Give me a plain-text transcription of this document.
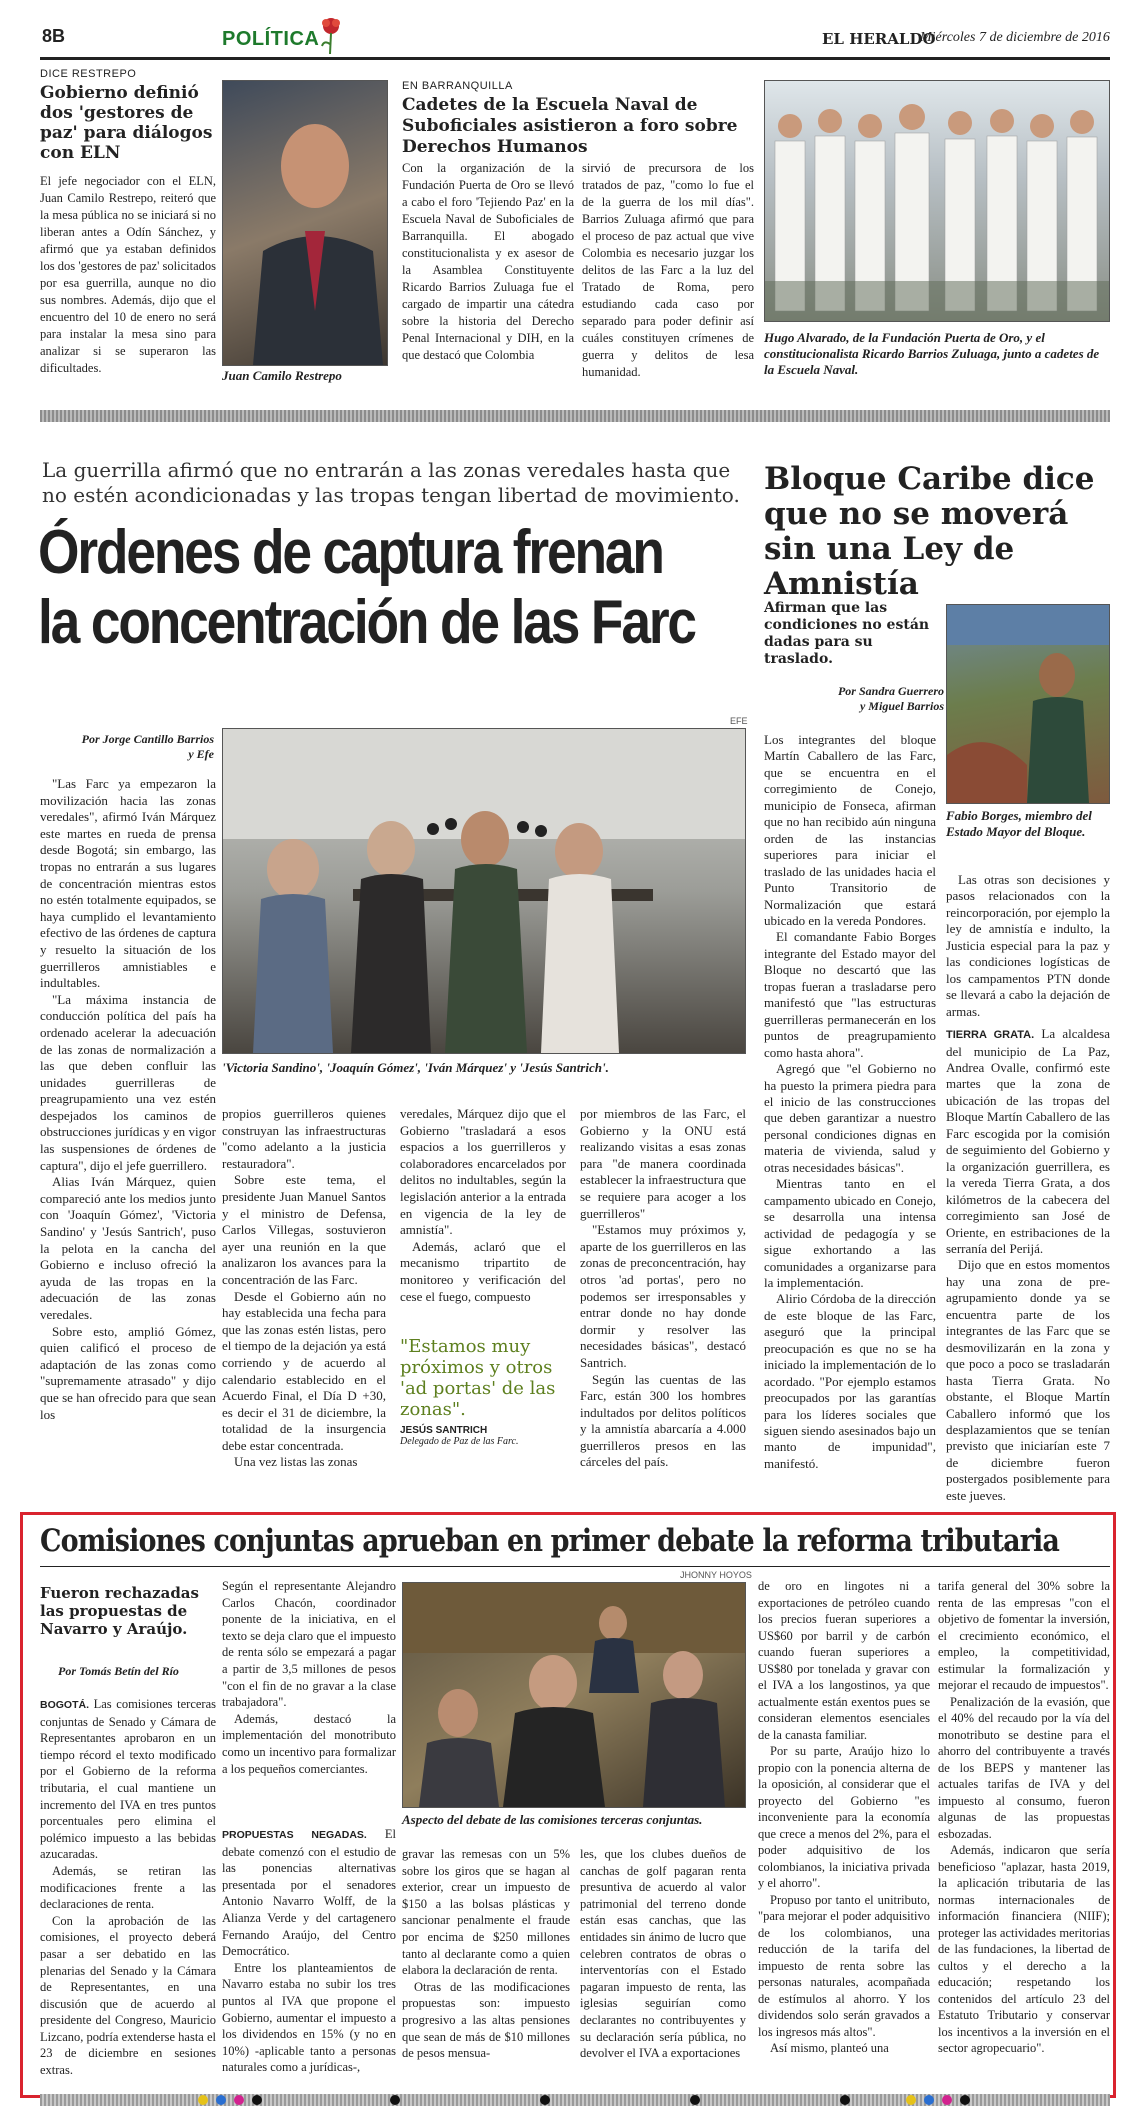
8B	POLÍTICA	EL HERALDO
Miércoles 7 de diciembre de 2016
DICE RESTREPO
Gobierno definió dos 'gestores de paz' para diálogos con ELN
El jefe negociador con el ELN, Juan Camilo Restrepo, reiteró que la mesa pública no se iniciará si no liberan antes a Odín Sánchez, y afirmó que ya estaban definidos los dos 'gestores de paz' solicitados por esa guerrilla, aunque no dio sus nombres. Además, dijo que el encuentro del 10 de enero no será para instalar la mesa sino para analizar si se superaron las dificultades.	Juan Camilo Restrepo
EN BARRANQUILLA
Cadetes de la Escuela Naval de Suboficiales asistieron a foro sobre Derechos Humanos
Con la organización de la Fundación Puerta de Oro se llevó a cabo el foro 'Tejiendo Paz' en la Escuela Naval de Suboficiales de Barranquilla. El abogado constitucionalista y ex asesor de la Asamblea Constituyente Ricardo Barrios Zuluaga fue el cargado de impartir una cátedra sobre la historia del Derecho Penal Internacional y DIH, en la que destacó que Colombia
sirvió de precursora de los tratados de paz, "como lo fue el de la guerra de los mil días". Barrios Zuluaga afirmó que para el proceso de paz actual que vive Colombia es necesario juzgar los delitos de las Farc a la luz del Tratado de Roma, pero estudiando cada caso por separado para poder definir así cuáles constituyen crímenes de guerra y delitos de lesa humanidad.
Hugo Alvarado, de la Fundación Puerta de Oro, y el constitucionalista Ricardo Barrios Zuluaga, junto a cadetes de la Escuela Naval.
La guerrilla afirmó que no entrarán a las zonas veredales hasta que no estén acondicionadas y las tropas tengan libertad de movimiento.
Órdenes de captura frenan
la concentración de las Farc
Por Jorge Cantillo Barrios
y Efe

"Las Farc ya empezaron la movilización hacia las zonas veredales", afirmó Iván Márquez este martes en rueda de prensa desde Bogotá; sin embargo, las tropas no entrarán a sus lugares de concentración mientras estos no estén totalmente equipados, se haya cumplido el levantamiento efectivo de las órdenes de captura y resuelto la situación de los guerrilleros amnistiables e indultables.

"La máxima instancia de conducción política del país ha ordenado acelerar la adecuación de las zonas de normalización a las que deben confluir las unidades guerrilleras de preagrupamiento una vez estén despejados los caminos de obstrucciones jurídicas y en vigor las suspensiones de órdenes de captura", dijo el jefe guerrillero.

Alias Iván Márquez, quien compareció ante los medios junto con 'Joaquín Gómez', 'Victoria Sandino' y 'Jesús Santrich', puso la pelota en la cancha del Gobierno e incluso ofreció la ayuda de las tropas en la adecuación de las zonas veredales.

Sobre esto, amplió Gómez, quien calificó el proceso de adaptación de las zonas como "supremamente atrasado" y dijo que se han ofrecido para que sean los

EFE
'Victoria Sandino', 'Joaquín Gómez', 'Iván Márquez' y 'Jesús Santrich'.

propios guerrilleros quienes construyan las infraestructuras "como adelanto a la justicia restauradora".

Sobre este tema, el presidente Juan Manuel Santos y el ministro de Defensa, Carlos Villegas, sostuvieron ayer una reunión en la que analizaron los avances para la concentración de las Farc.

Desde el Gobierno aún no hay establecida una fecha para que las zonas estén listas, pero el tiempo de la dejación ya está corriendo y de acuerdo al calendario establecido en el Acuerdo Final, el Día D +30, es decir el 31 de diciembre, la totalidad de la insurgencia debe estar concentrada.

Una vez listas las zonas

veredales, Márquez dijo que el Gobierno "trasladará a esos espacios a los guerrilleros y colaboradores encarcelados por delitos no indultables, según la legislación anterior a la entrada en vigencia de la ley de amnistía".

Además, aclaró que el mecanismo tripartito de monitoreo y verificación del cese el fuego, compuesto

"Estamos muy próximos y otros 'ad portas' de las zonas".
JESÚS SANTRICH
Delegado de Paz de las Farc.

por miembros de las Farc, el Gobierno y la ONU está realizando visitas a esas zonas para "de manera coordinada establecer la infraestructura que se requiere para acoger a los guerrilleros"

"Estamos muy próximos y, aparte de los guerrilleros en las zonas de preconcentración, hay otros 'ad portas', pero no podemos ser irresponsables y entrar donde no hay donde dormir y resolver las necesidades básicas", destacó Santrich.

Según las cuentas de las Farc, están 300 los hombres indultados por delitos políticos y la amnistía abarcaría a 4.000 guerrilleros presos en las cárceles del país.

Bloque Caribe dice que no se moverá sin una Ley de Amnistía
Afirman que las condiciones no están dadas para su traslado.
Por Sandra Guerrero
y Miguel Barrios
Fabio Borges, miembro del Estado Mayor del Bloque.

Los integrantes del bloque Martín Caballero de las Farc, que se encuentra en el corregimiento de Conejo, municipio de Fonseca, afirman que no han recibido aún ninguna orden de las instancias superiores para iniciar el traslado de las unidades hacia el Punto Transitorio de Normalización que estará ubicado en la vereda Pondores.

El comandante Fabio Borges integrante del Estado mayor del Bloque no descartó que las tropas fueran a trasladarse pero manifestó que "las estructuras guerrilleras permanecerán en los puntos de preagrupamiento como hasta ahora".

Agregó que "el Gobierno no ha puesto la primera piedra para el inicio de las construcciones que deben garantizar a nuestro personal condiciones dignas en materia de vivienda, salud y otras necesidades básicas".

Mientras tanto en el campamento ubicado en Conejo, se desarrolla una intensa actividad de pedagogía y se sigue exhortando a las comunidades a organizarse para la implementación.

Alirio Córdoba de la dirección de este bloque de las Farc, aseguró que la principal preocupación es que no se ha iniciado la implementación de lo acordado. "Por ejemplo estamos preocupados por las garantías para los líderes sociales que siguen siendo asesinados bajo un manto de impunidad", manifestó.

Las otras son decisiones y pasos relacionados con la reincorporación, por ejemplo la ley de amnistía e indulto, la Justicia especial para la paz y las condiciones logísticas de los campamentos PTN donde se llevará a cabo la dejación de armas.

TIERRA GRATA. La alcaldesa del municipio de La Paz, Andrea Ovalle, confirmó este martes que la zona de ubicación de las tropas del Bloque Martín Caballero de las Farc escogida por la comisión de seguimiento del Gobierno y la organización guerrillera, es la vereda Tierra Grata, a dos kilómetros de la cabecera del corregimiento san José de Oriente, en estribaciones de la serranía del Perijá.

Dijo que en estos momentos hay una zona de pre-agrupamiento donde ya se encuentra parte de los integrantes de las Farc que se desmovilizarán en la zona y que poco a poco se trasladarán hasta Tierra Grata. No obstante, el Bloque Martín Caballero informó que los desplazamientos que se tenían previsto que iniciarían este 7 de diciembre fueron postergados posiblemente para este jueves.

Comisiones conjuntas aprueban en primer debate la reforma tributaria
Fueron rechazadas las propuestas de Navarro y Araújo.
Por Tomás Betín del Río

BOGOTÁ. Las comisiones terceras conjuntas de Senado y Cámara de Representantes aprobaron en un tiempo récord el texto modificado por el Gobierno de la reforma tributaria, el cual mantiene un incremento del IVA en tres puntos porcentuales pero elimina el polémico impuesto a las bebidas azucaradas.

Además, se retiran las modificaciones frente a las declaraciones de renta.

Con la aprobación de las comisiones, el proyecto deberá pasar a ser debatido en las plenarias del Senado y la Cámara de Representantes, en una discusión que de acuerdo al presidente del Congreso, Mauricio Lizcano, podría extenderse hasta el 23 de diciembre en sesiones extras.

Según el representante Alejandro Carlos Chacón, coordinador ponente de la iniciativa, en el texto se deja claro que el impuesto de renta sólo se empezará a pagar a partir de 3,5 millones de pesos "con el fin de no gravar a la clase trabajadora".

Además, destacó la implementación del monotributo como un incentivo para formalizar a los pequeños comerciantes.

JHONNY HOYOS
Aspecto del debate de las comisiones terceras conjuntas.

PROPUESTAS NEGADAS. El debate comenzó con el estudio de las ponencias alternativas presentada por el senadores Antonio Navarro Wolff, de la Alianza Verde y del cartagenero Fernando Araújo, del Centro Democrático.

Entre los planteamientos de Navarro estaba no subir los tres puntos al IVA que propone el Gobierno, aumentar el impuesto a los dividendos en 15% (y no en 10%) -aplicable tanto a personas naturales como a jurídicas-,

gravar las remesas con un 5% sobre los giros que se hagan al exterior, crear un impuesto de $150 a las bolsas plásticas y sancionar penalmente el fraude por encima de $250 millones tanto al declarante como a quien elabora la declaración de renta.

Otras de las modificaciones propuestas son: impuesto progresivo a las altas pensiones que sean de más de $10 millones de pesos mensua-

les, que los clubes dueños de canchas de golf pagaran renta presuntiva de acuerdo al valor patrimonial del terreno donde están esas canchas, que las entidades sin ánimo de lucro que celebren contratos de obras o interventorías con el Estado pagaran impuesto de renta, las iglesias seguirían como declarantes no contribuyentes y su declaración sería pública, no devolver el IVA a exportaciones

de oro en lingotes ni a exportaciones de petróleo cuando los precios fueran superiores a US$60 por barril y de carbón cuando fueran superiores a US$80 por tonelada y gravar con el IVA a los langostinos, ya que actualmente están exentos pues se consideran elementos esenciales de la canasta familiar.

Por su parte, Araújo hizo lo propio con la ponencia alterna de la oposición, al considerar que el proyecto del Gobierno "es inconveniente para la economía que crece a menos del 2%, para el poder adquisitivo de los colombianos, la iniciativa privada y el ahorro".

Propuso por tanto el unitributo, "para mejorar el poder adquisitivo de los colombianos, una reducción de la tarifa del impuesto de renta sobre las personas naturales, acompañada de estímulos al ahorro. Y los dividendos solo serán gravados a los ingresos más altos".

Así mismo, planteó una

tarifa general del 30% sobre la renta de las empresas "con el objetivo de fomentar la inversión, el crecimiento económico, el empleo, la competitividad, estimular la formalización y mejorar el recaudo de impuestos".

Penalización de la evasión, que el 40% del recaudo por la vía del monotributo se destine para el ahorro del contribuyente a través de los BEPS y mantener las actuales tarifas de IVA y del impuesto al consumo, fueron algunas de las propuestas esbozadas.

Además, indicaron que sería beneficioso "aplazar, hasta 2019, la aplicación tributaria de las normas internacionales de información financiera (NIIF); proteger las actividades meritorias de las fundaciones, la libertad de cultos y el derecho a la educación; respetando los contenidos del artículo 23 del Estatuto Tributario y conservar los incentivos a la inversión en el sector agropecuario".
